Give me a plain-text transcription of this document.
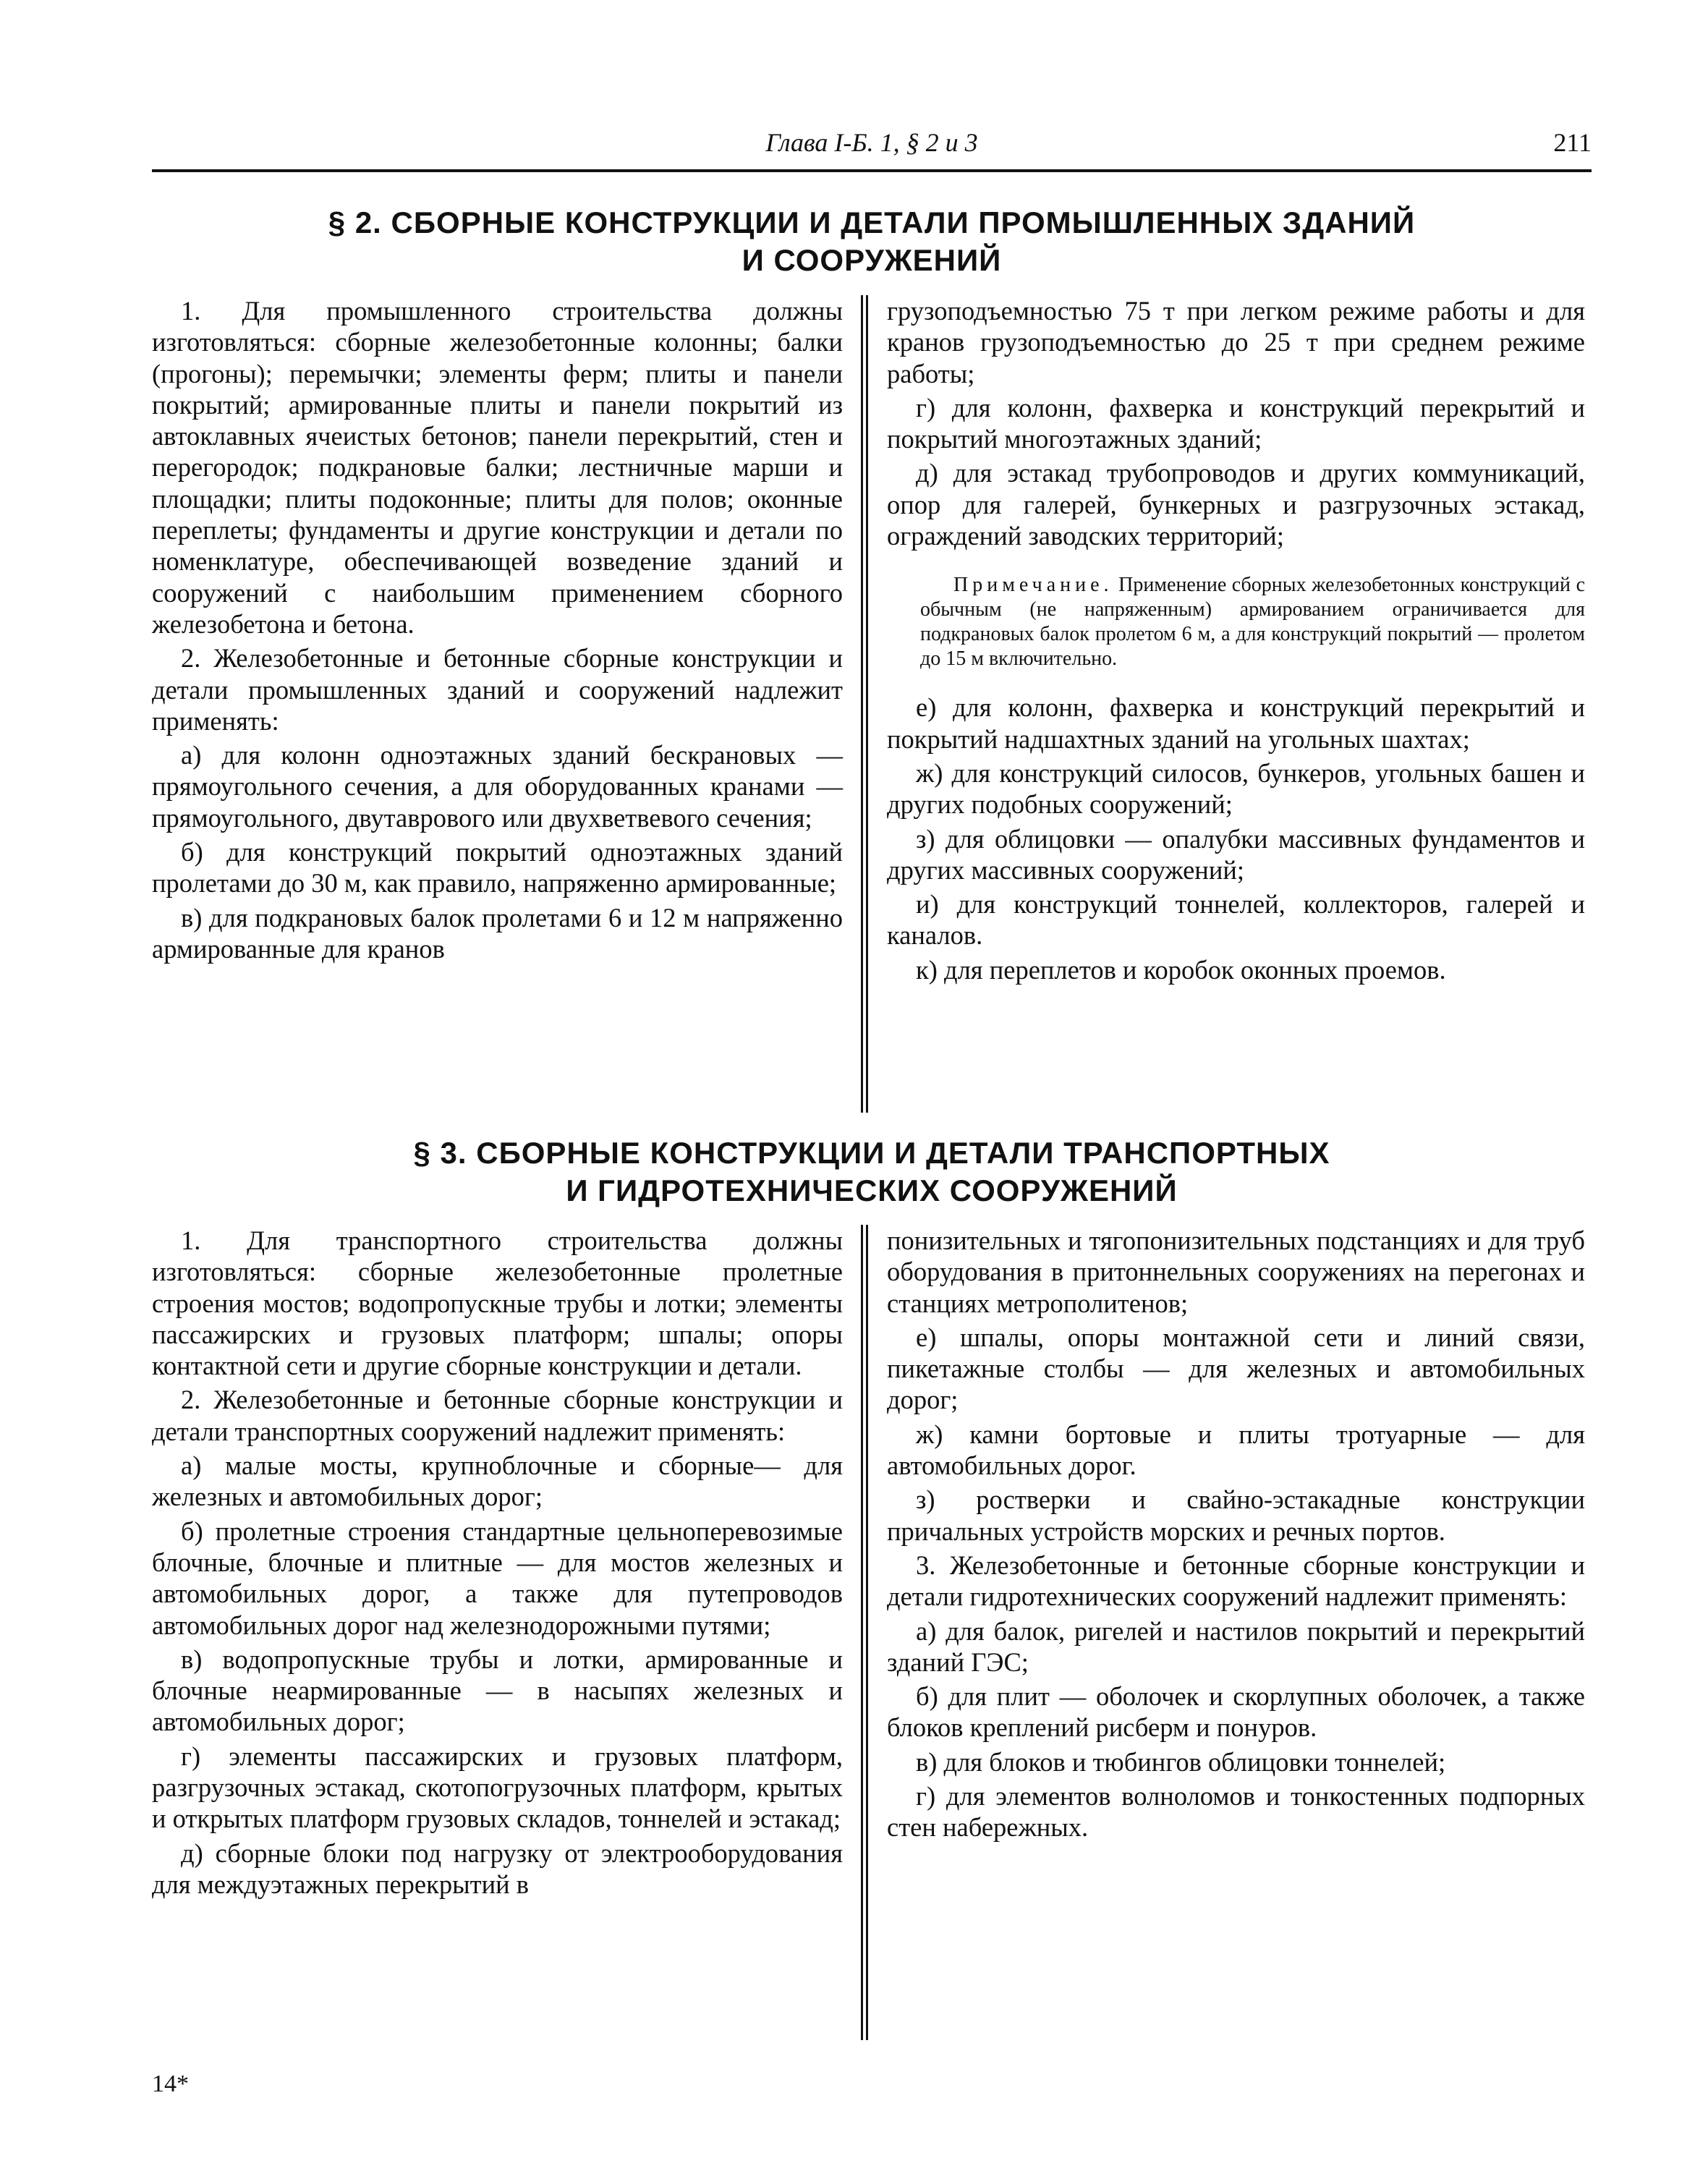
Глава I-Б. 1, § 2 и 3	211
§ 2. СБОРНЫЕ КОНСТРУКЦИИ И ДЕТАЛИ ПРОМЫШЛЕННЫХ ЗДАНИЙ
И СООРУЖЕНИЙ

1. Для промышленного строительства должны изготовляться: сборные железобетонные колонны; балки (прогоны); перемычки; элементы ферм; плиты и панели покрытий; армированные плиты и панели покрытий из автоклавных ячеистых бетонов; панели перекрытий, стен и перегородок; подкрановые балки; лестничные марши и площадки; плиты подоконные; плиты для полов; оконные переплеты; фундаменты и другие конструкции и детали по номенклатуре, обеспечивающей возведение зданий и сооружений с наибольшим применением сборного железобетона и бетона.

2. Железобетонные и бетонные сборные конструкции и детали промышленных зданий и сооружений надлежит применять:

а) для колонн одноэтажных зданий бескрановых — прямоугольного сечения, а для оборудованных кранами — прямоугольного, двутаврового или двухветвевого сечения;

б) для конструкций покрытий одноэтажных зданий пролетами до 30 м, как правило, напряженно армированные;

в) для подкрановых балок пролетами 6 и 12 м напряженно армированные для кранов

грузоподъемностью 75 т при легком режиме работы и для кранов грузоподъемностью до 25 т при среднем режиме работы;

г) для колонн, фахверка и конструкций перекрытий и покрытий многоэтажных зданий;

д) для эстакад трубопроводов и других коммуникаций, опор для галерей, бункерных и разгрузочных эстакад, ограждений заводских территорий;

Примечание. Применение сборных железобетонных конструкций с обычным (не напряженным) армированием ограничивается для подкрановых балок пролетом 6 м, а для конструкций покрытий — пролетом до 15 м включительно.

е) для колонн, фахверка и конструкций перекрытий и покрытий надшахтных зданий на угольных шахтах;

ж) для конструкций силосов, бункеров, угольных башен и других подобных сооружений;

з) для облицовки — опалубки массивных фундаментов и других массивных сооружений;

и) для конструкций тоннелей, коллекторов, галерей и каналов.

к) для переплетов и коробок оконных проемов.

§ 3. СБОРНЫЕ КОНСТРУКЦИИ И ДЕТАЛИ ТРАНСПОРТНЫХ
И ГИДРОТЕХНИЧЕСКИХ СООРУЖЕНИЙ

1. Для транспортного строительства должны изготовляться: сборные железобетонные пролетные строения мостов; водопропускные трубы и лотки; элементы пассажирских и грузовых платформ; шпалы; опоры контактной сети и другие сборные конструкции и детали.

2. Железобетонные и бетонные сборные конструкции и детали транспортных сооружений надлежит применять:

а) малые мосты, крупноблочные и сборные— для железных и автомобильных дорог;

б) пролетные строения стандартные цельноперевозимые блочные, блочные и плитные — для мостов железных и автомобильных дорог, а также для путепроводов автомобильных дорог над железнодорожными путями;

в) водопропускные трубы и лотки, армированные и блочные неармированные — в насыпях железных и автомобильных дорог;

г) элементы пассажирских и грузовых платформ, разгрузочных эстакад, скотопогрузочных платформ, крытых и открытых платформ грузовых складов, тоннелей и эстакад;

д) сборные блоки под нагрузку от электрооборудования для междуэтажных перекрытий в

понизительных и тягопонизительных подстанциях и для труб оборудования в притоннельных сооружениях на перегонах и станциях метрополитенов;

е) шпалы, опоры монтажной сети и линий связи, пикетажные столбы — для железных и автомобильных дорог;

ж) камни бортовые и плиты тротуарные — для автомобильных дорог.

з) ростверки и свайно-эстакадные конструкции причальных устройств морских и речных портов.

3. Железобетонные и бетонные сборные конструкции и детали гидротехнических сооружений надлежит применять:

а) для балок, ригелей и настилов покрытий и перекрытий зданий ГЭС;

б) для плит — оболочек и скорлупных оболочек, а также блоков креплений рисберм и понуров.

в) для блоков и тюбингов облицовки тоннелей;

г) для элементов волноломов и тонкостенных подпорных стен набережных.

14*
